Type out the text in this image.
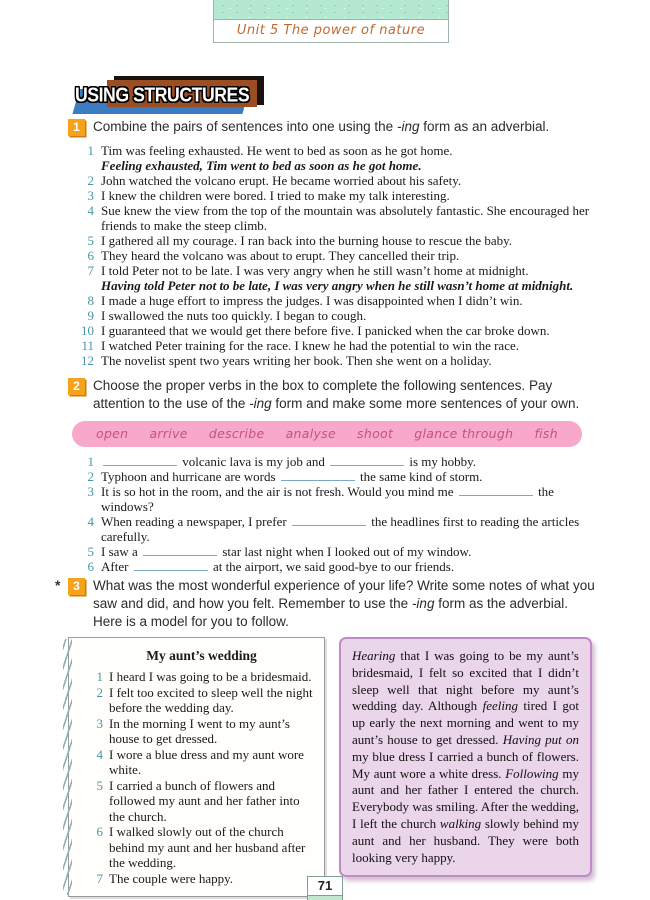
Unit 5 The power of nature
USING STRUCTURES
1 Combine the pairs of sentences into one using the -ing form as an adverbial.
1 Tim was feeling exhausted. He went to bed as soon as he got home.
Feeling exhausted, Tim went to bed as soon as he got home.
2 John watched the volcano erupt. He became worried about his safety.
3 I knew the children were bored. I tried to make my talk interesting.
4 Sue knew the view from the top of the mountain was absolutely fantastic. She encouraged her friends to make the steep climb.
5 I gathered all my courage. I ran back into the burning house to rescue the baby.
6 They heard the volcano was about to erupt. They cancelled their trip.
7 I told Peter not to be late. I was very angry when he still wasn’t home at midnight.
Having told Peter not to be late, I was very angry when he still wasn’t home at midnight.
8 I made a huge effort to impress the judges. I was disappointed when I didn’t win.
9 I swallowed the nuts too quickly. I began to cough.
10 I guaranteed that we would get there before five. I panicked when the car broke down.
11 I watched Peter training for the race. I knew he had the potential to win the race.
12 The novelist spent two years writing her book. Then she went on a holiday.
2 Choose the proper verbs in the box to complete the following sentences. Pay attention to the use of the -ing form and make some more sentences of your own.
open arrive describe analyse shoot glance through fish
1	volcanic lava is my job and	is my hobby.
2 Typhoon and hurricane are words	the same kind of storm.
3 It is so hot in the room, and the air is not fresh. Would you mind me	the windows?
4 When reading a newspaper, I prefer	the headlines first to reading the articles carefully.
5 I saw a	star last night when I looked out of my window.
6 After	at the airport, we said good-bye to our friends.
*	3 What was the most wonderful experience of your life? Write some notes of what you saw and did, and how you felt. Remember to use the -ing form as the adverbial. Here is a model for you to follow.
My aunt’s wedding
1 I heard I was going to be a bridesmaid.
2 I felt too excited to sleep well the night before the wedding day.
3 In the morning I went to my aunt’s house to get dressed.
4 I wore a blue dress and my aunt wore white.
5 I carried a bunch of flowers and followed my aunt and her father into the church.
6 I walked slowly out of the church behind my aunt and her husband after the wedding.
7 The couple were happy.

Hearing that I was going to be my aunt’s bridesmaid, I felt so excited that I didn’t sleep well that night before my aunt’s wedding day. Although feeling tired I got up early the next morning and went to my aunt’s house to get dressed. Having put on my blue dress I carried a bunch of flowers. My aunt wore a white dress. Following my aunt and her father I entered the church. Everybody was smiling. After the wedding, I left the church walking slowly behind my aunt and her husband. They were both looking very happy.

71
